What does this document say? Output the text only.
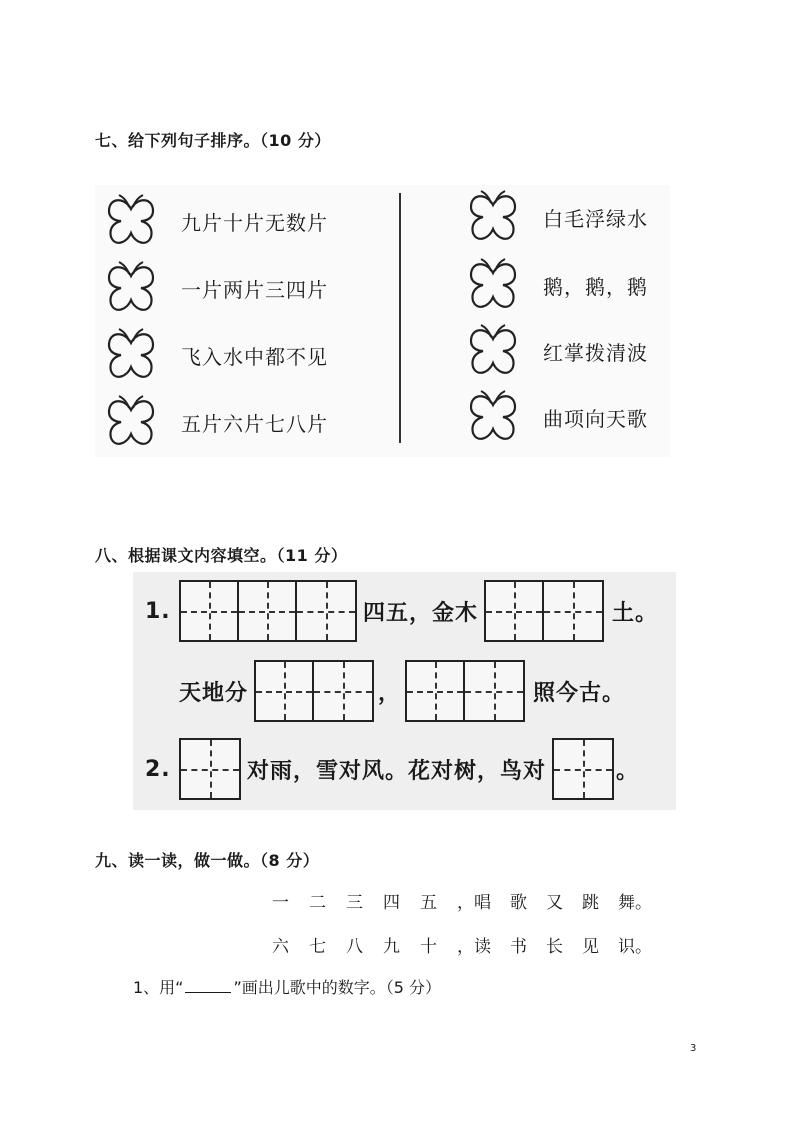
七、给下列句子排序。（10 分）
九片十片无数片
一片两片三四片
飞入水中都不见
五片六片七八片
白毛浮绿水
鹅，鹅，鹅
红掌拨清波
曲项向天歌
八、根据课文内容填空。（11 分）
1.	四五，金木	土。
天地分	，	照今古。
2.	对雨，雪对风。花对树，鸟对	。
九、读一读，做一做。（8 分）
一	二	三	四	五	，唱	歌	又	跳	舞。
六	七	八	九	十	，读	书	长	见	识。
1、用“	”画出儿歌中的数字。（5 分）
3
